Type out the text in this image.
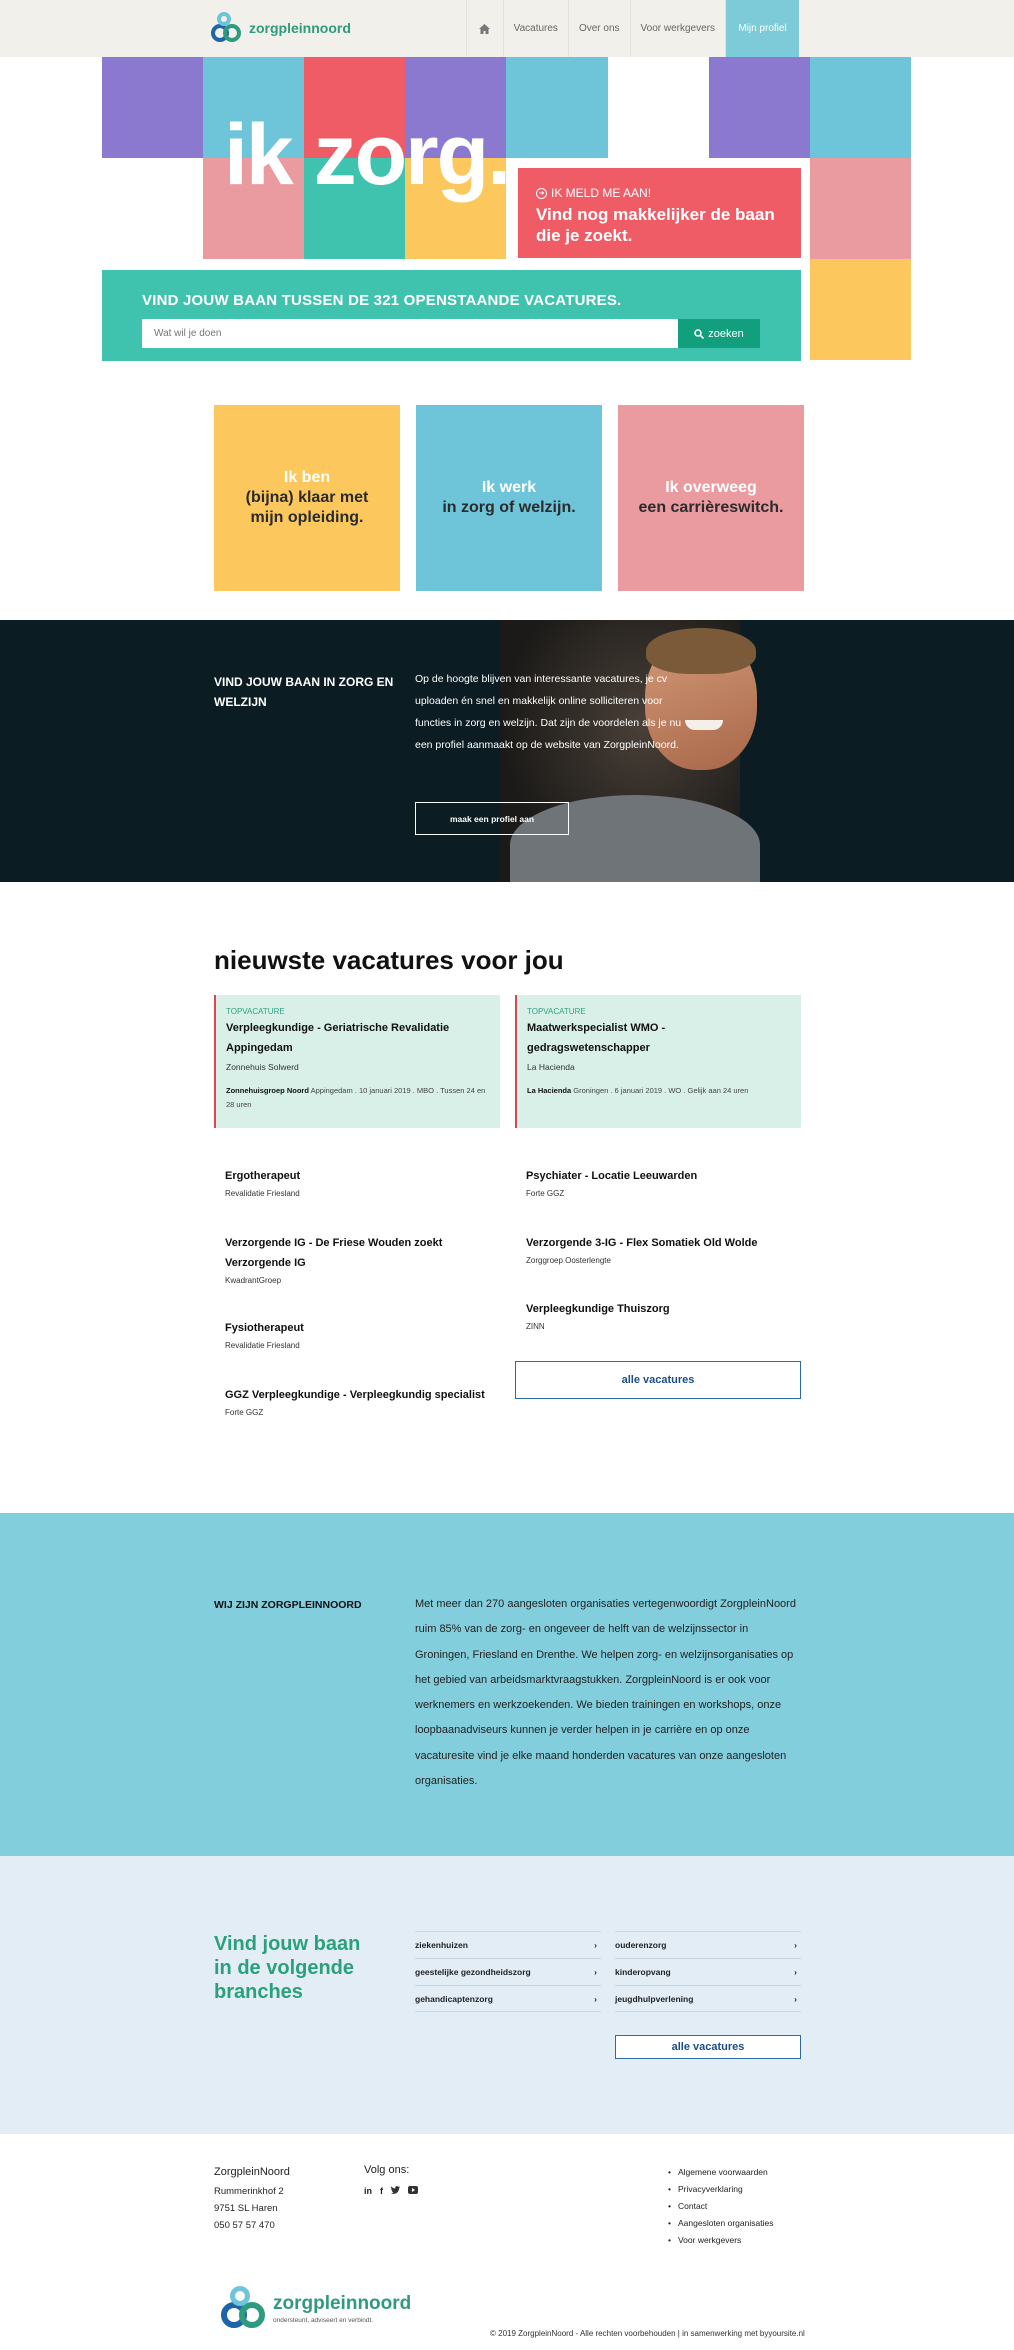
zorgpleinnoord	Vacatures	Over ons	Voor werkgevers	Mijn profiel
ik zorg.	➜ IK MELD ME AAN!
Vind nog makkelijker de baan die je zoekt.
VIND JOUW BAAN TUSSEN DE 321 OPENSTAANDE VACATURES.
Wat wil je doen
zoeken
Ik ben
(bijna) klaar met mijn opleiding.
Ik werk
in zorg of welzijn.
Ik overweeg
een carrièreswitch.
VIND JOUW BAAN IN ZORG EN WELZIJN
Op de hoogte blijven van interessante vacatures, je cv uploaden én snel en makkelijk online solliciteren voor functies in zorg en welzijn. Dat zijn de voordelen als je nu een profiel aanmaakt op de website van ZorgpleinNoord.
maak een profiel aan
nieuwste vacatures voor jou
TOPVACATURE
Verpleegkundige - Geriatrische Revalidatie Appingedam
Zonnehuis Solwerd
Zonnehuisgroep Noord Appingedam . 10 januari 2019 . MBO . Tussen 24 en 28 uren
TOPVACATURE
Maatwerkspecialist WMO - gedragswetenschapper
La Hacienda
La Hacienda Groningen . 6 januari 2019 . WO . Gelijk aan 24 uren
Ergotherapeut
Revalidatie Friesland
Verzorgende IG - De Friese Wouden zoekt Verzorgende IG
KwadrantGroep
Fysiotherapeut
Revalidatie Friesland
GGZ Verpleegkundige - Verpleegkundig specialist
Forte GGZ
Psychiater - Locatie Leeuwarden
Forte GGZ
Verzorgende 3-IG - Flex Somatiek Old Wolde
Zorggroep Oosterlengte
Verpleegkundige Thuiszorg
ZINN
alle vacatures
WIJ ZIJN ZORGPLEINNOORD	Met meer dan 270 aangesloten organisaties vertegenwoordigt ZorgpleinNoord ruim 85% van de zorg- en ongeveer de helft van de welzijnssector in Groningen, Friesland en Drenthe. We helpen zorg- en welzijnsorganisaties op het gebied van arbeidsmarktvraagstukken. ZorgpleinNoord is er ook voor werknemers en werkzoekenden. We bieden trainingen en workshops, onze loopbaanadviseurs kunnen je verder helpen in je carrière en op onze vacaturesite vind je elke maand honderden vacatures van onze aangesloten organisaties.
Vind jouw baan in de volgende branches
ziekenhuizen	›
geestelijke gezondheidszorg	›
gehandicaptenzorg	›
ouderenzorg	›
kinderopvang	›
jeugdhulpverlening	›
alle vacatures
ZorgpleinNoord
Rummerinkhof 2
9751 SL Haren
050 57 57 470
Volg ons:
in f
• Algemene voorwaarden
• Privacyverklaring
• Contact
• Aangesloten organisaties
• Voor werkgevers
zorgpleinnoord
ondersteunt, adviseert en verbindt.
© 2019 ZorgpleinNoord - Alle rechten voorbehouden | in samenwerking met byyoursite.nl
